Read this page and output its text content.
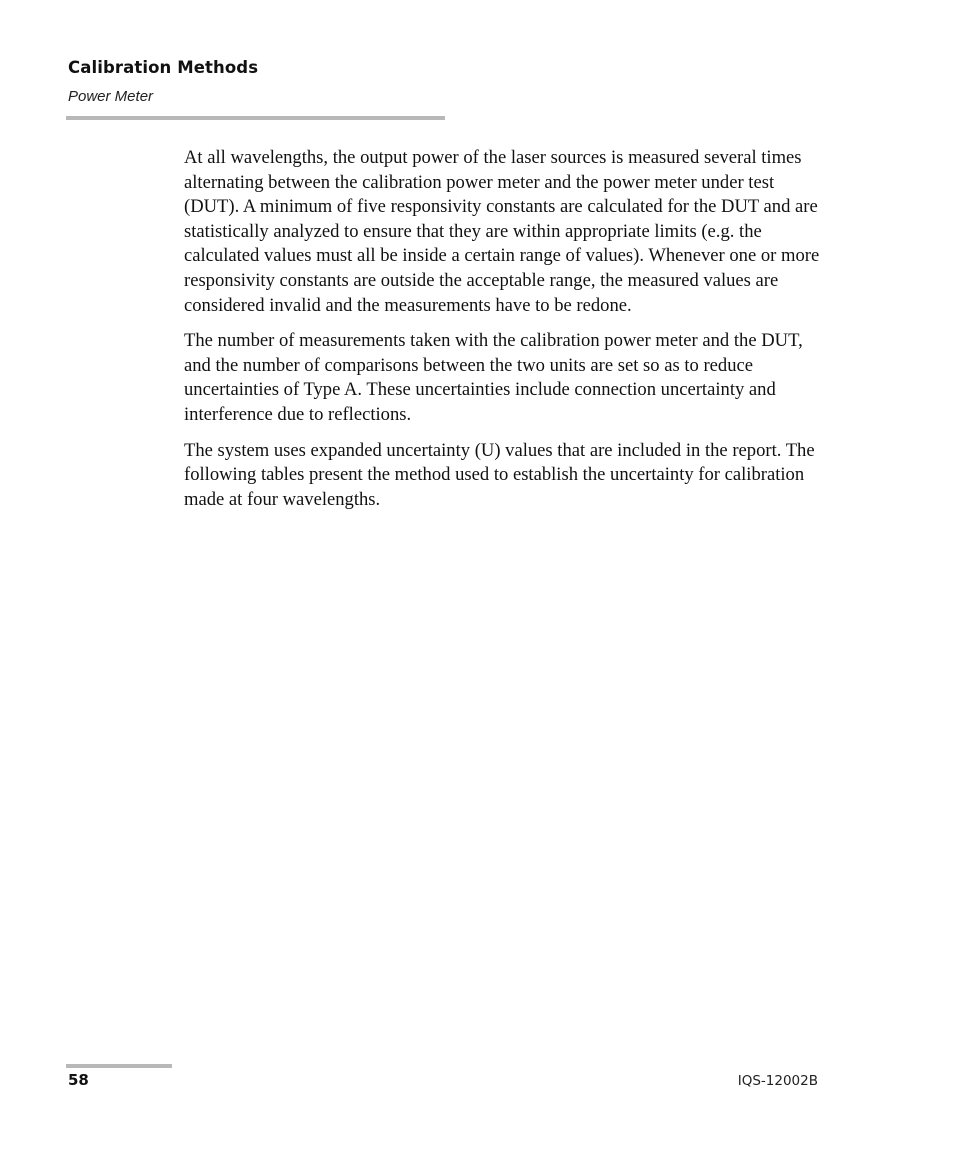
Calibration Methods

Power Meter

At all wavelengths, the output power of the laser sources is measured several times alternating between the calibration power meter and the power meter under test (DUT). A minimum of five responsivity constants are calculated for the DUT and are statistically analyzed to ensure that they are within appropriate limits (e.g. the calculated values must all be inside a certain range of values). Whenever one or more responsivity constants are outside the acceptable range, the measured values are considered invalid and the measurements have to be redone.

The number of measurements taken with the calibration power meter and the DUT, and the number of comparisons between the two units are set so as to reduce uncertainties of Type A. These uncertainties include connection uncertainty and interference due to reflections.

The system uses expanded uncertainty (U) values that are included in the report. The following tables present the method used to establish the uncertainty for calibration made at four wavelengths.

58	IQS-12002B
